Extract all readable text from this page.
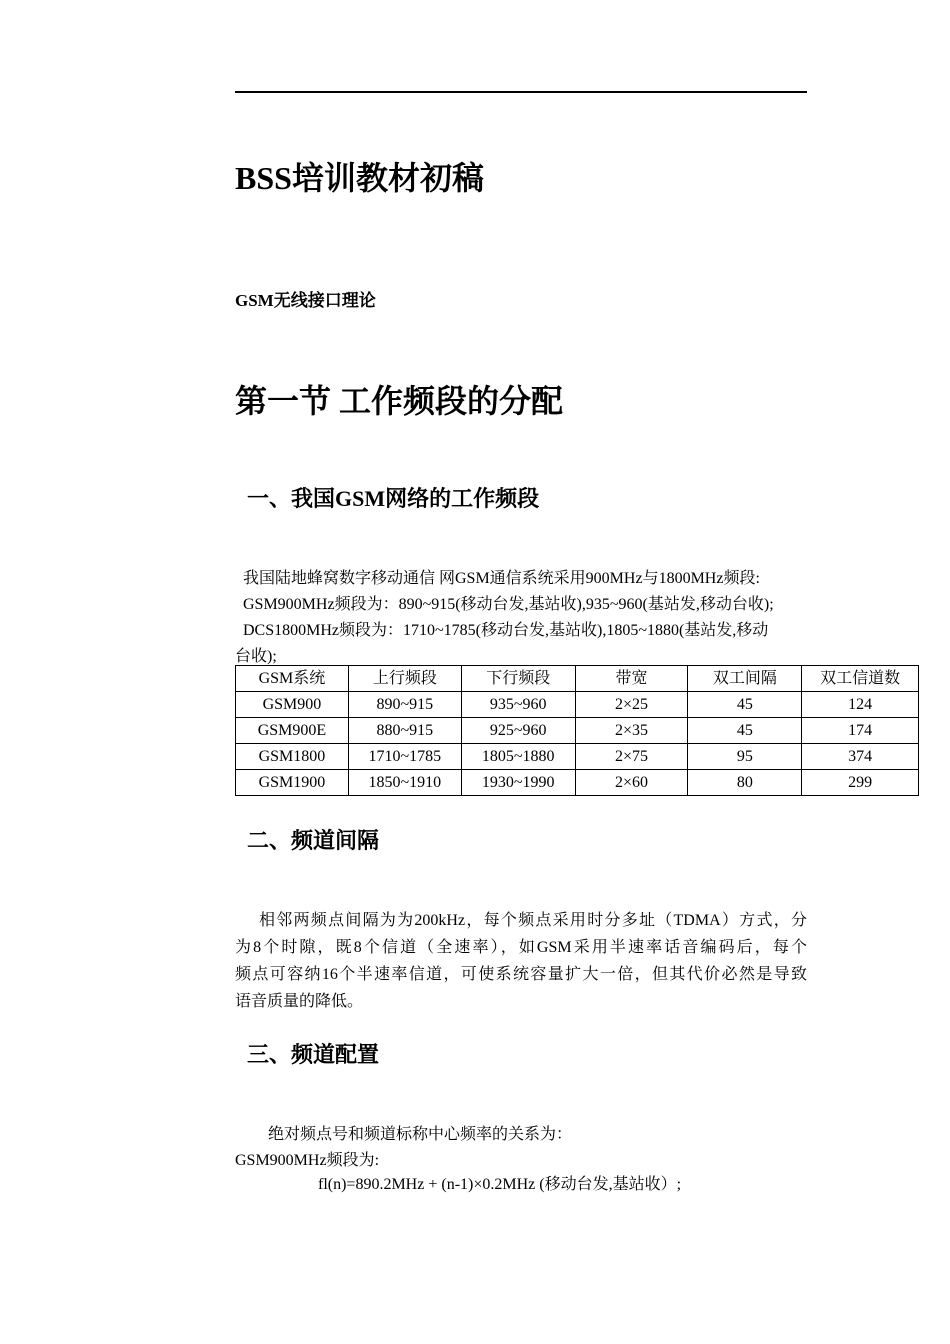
BSS培训教材初稿
GSM无线接口理论
第一节 工作频段的分配
一、我国GSM网络的工作频段

我国陆地蜂窝数字移动通信 网GSM通信系统采用900MHz与1800MHz频段:

GSM900MHz频段为：890~915(移动台发,基站收),935~960(基站发,移动台收);

DCS1800MHz频段为：1710~1785(移动台发,基站收),1805~1880(基站发,移动

台收);

GSM系统	上行频段	下行频段	带宽	双工间隔	双工信道数
GSM900	890~915	935~960	2×25	45	124
GSM900E	880~915	925~960	2×35	45	174
GSM1800	1710~1785	1805~1880	2×75	95	374
GSM1900	1850~1910	1930~1990	2×60	80	299
二、频道间隔
相邻两频点间隔为为200kHz，每个频点采用时分多址（TDMA）方式，分
为8个时隙，既8个信道（全速率），如GSM采用半速率话音编码后，每个
频点可容纳16个半速率信道，可使系统容量扩大一倍，但其代价必然是导致
语音质量的降低。
三、频道配置
绝对频点号和频道标称中心频率的关系为：
GSM900MHz频段为:
fl(n)=890.2MHz + (n-1)×0.2MHz (移动台发,基站收）;
